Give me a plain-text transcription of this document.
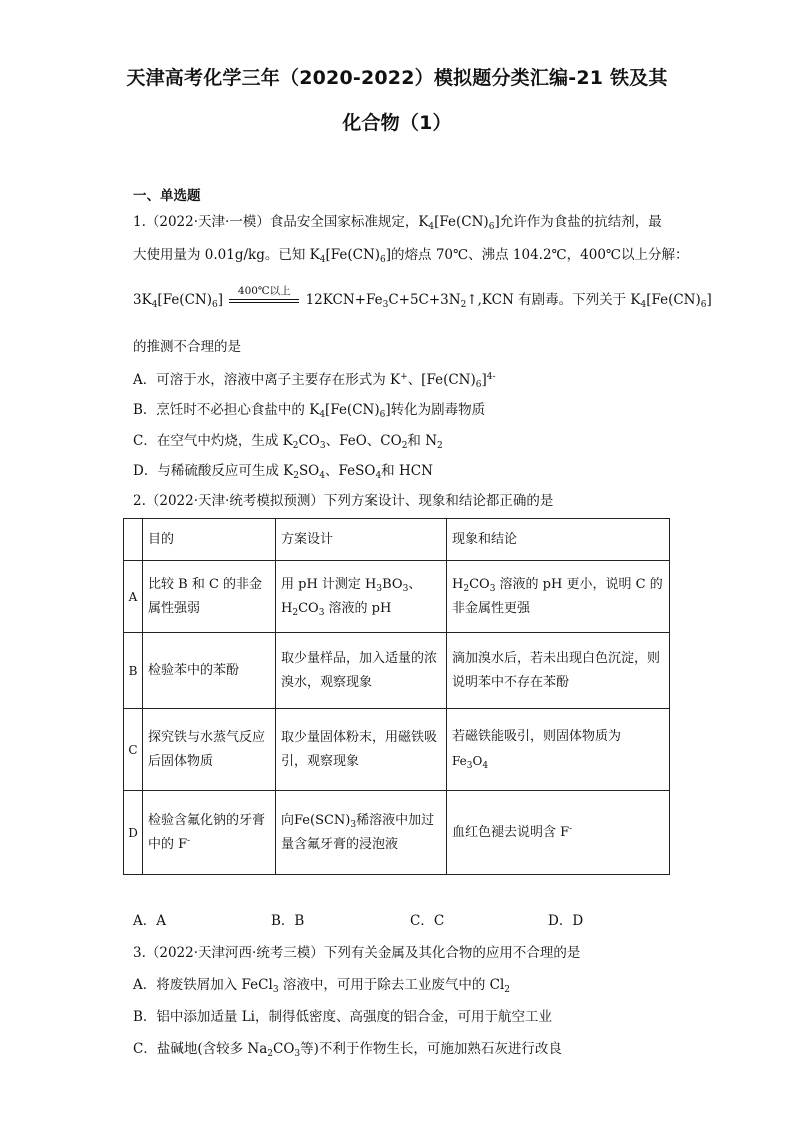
天津高考化学三年（2020-2022）模拟题分类汇编-21 铁及其
化合物（1）
一、单选题
1.（2022·天津·一模）食品安全国家标准规定，$K_4[Fe(CN)_6]$允许作为食盐的抗结剂，最
大使用量为 0.01g/kg。已知 $K_4[Fe(CN)_6]$的熔点 70℃、沸点 104.2℃，400℃以上分解：
$3K_4[Fe(CN)_6]$
400℃以上
$12KCN+Fe_3C+5C+3N_2↑,KCN$ 有剧毒。下列关于 $K_4[Fe(CN)_6]$
的推测不合理的是
A．可溶于水，溶液中离子主要存在形式为 K+、$[Fe(CN)_6]^{4-}$
B．烹饪时不必担心食盐中的 $K_4[Fe(CN)_6]$转化为剧毒物质
C．在空气中灼烧，生成 $K_2CO_3$、FeO、$CO_2$和 $N_2$
D．与稀硫酸反应可生成 $K_2SO_4$、FeSO$_4$和 HCN
2.（2022·天津·统考模拟预测）下列方案设计、现象和结论都正确的是
	目的	方案设计	现象和结论
A	比较 B 和 C 的非金属性强弱	用 pH 计测定 $H_3BO_3$、
$H_2CO_3$ 溶液的 pH	$H_2CO_3$ 溶液的 pH 更小，说明 C 的非金属性更强
B	检验苯中的苯酚	取少量样品，加入适量的浓溴水，观察现象	滴加溴水后，若未出现白色沉淀，则说明苯中不存在苯酚
C	探究铁与水蒸气反应后固体物质	取少量固体粉末，用磁铁吸引，观察现象	若磁铁能吸引，则固体物质为
$Fe_3O_4$
D	检验含氟化钠的牙膏中的 F-	向$Fe(SCN)_3$稀溶液中加过量含氟牙膏的浸泡液	血红色褪去说明含 F-
A．A	B．B	C．C	D．D
3.（2022·天津河西·统考三模）下列有关金属及其化合物的应用不合理的是
A．将废铁屑加入 FeCl$_3$ 溶液中，可用于除去工业废气中的 $Cl_2$
B．铝中添加适量 Li，制得低密度、高强度的铝合金，可用于航空工业
C．盐碱地(含较多 $Na_2CO_3$等)不利于作物生长，可施加熟石灰进行改良
